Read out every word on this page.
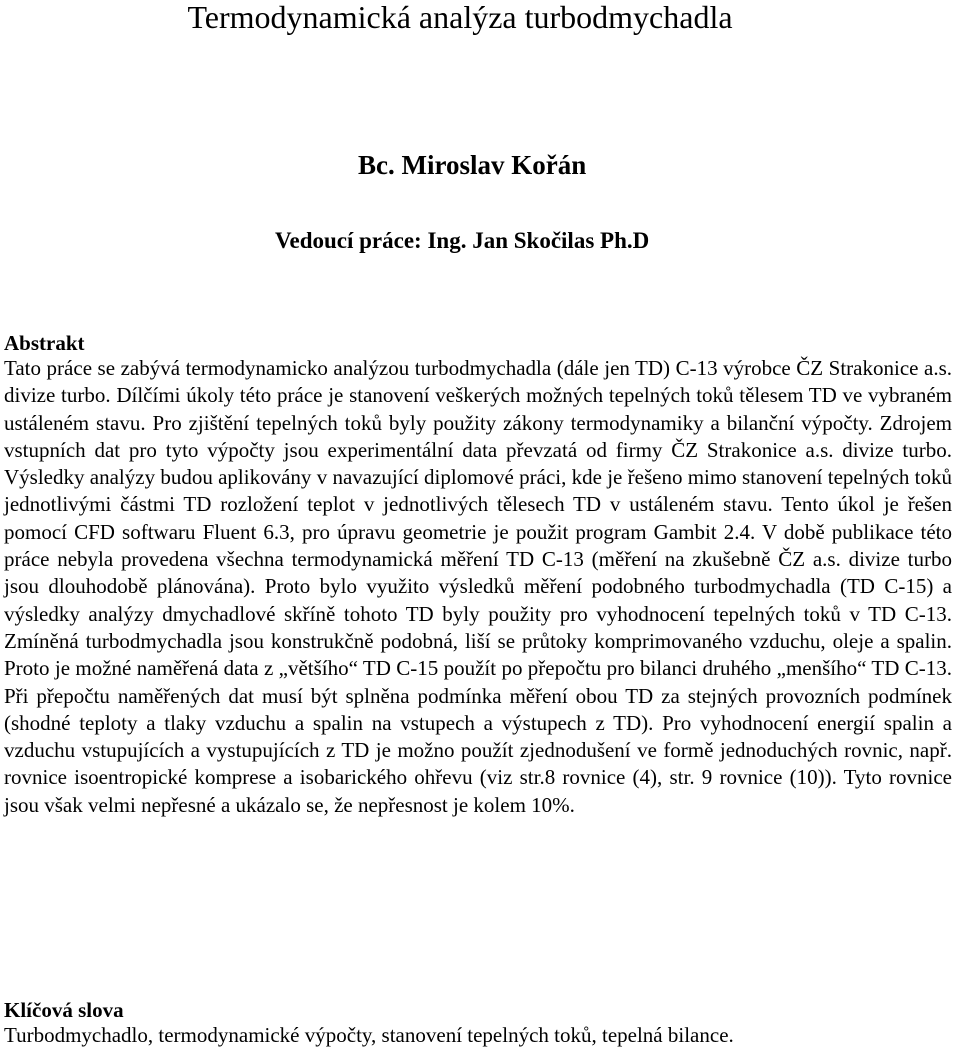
Termodynamická analýza turbodmychadla
Bc. Miroslav Kořán
Vedoucí práce: Ing. Jan Skočilas Ph.D
Abstrakt

Tato práce se zabývá termodynamicko analýzou turbodmychadla (dále jen TD) C-13 výrobce ČZ Strakonice a.s. divize turbo. Dílčími úkoly této práce je stanovení veškerých možných tepelných toků tělesem TD ve vybraném ustáleném stavu. Pro zjištění tepelných toků byly použity zákony termodynamiky a bilanční výpočty. Zdrojem vstupních dat pro tyto výpočty jsou experimentální data převzatá od firmy ČZ Strakonice a.s. divize turbo. Výsledky analýzy budou aplikovány v navazující diplomové práci, kde je řešeno mimo stanovení tepelných toků jednotlivými částmi TD rozložení teplot v jednotlivých tělesech TD v ustáleném stavu. Tento úkol je řešen pomocí CFD softwaru Fluent 6.3, pro úpravu geometrie je použit program Gambit 2.4. V době publikace této práce nebyla provedena všechna termodynamická měření TD C-13 (měření na zkušebně ČZ a.s. divize turbo jsou dlouhodobě plánována). Proto bylo využito výsledků měření podobného turbodmychadla (TD C-15) a výsledky analýzy dmychadlové skříně tohoto TD byly použity pro vyhodnocení tepelných toků v TD C-13. Zmíněná turbodmychadla jsou konstrukčně podobná, liší se průtoky komprimovaného vzduchu, oleje a spalin. Proto je možné naměřená data z „většího“ TD C-15 použít po přepočtu pro bilanci druhého „menšího“ TD C-13. Při přepočtu naměřených dat musí být splněna podmínka měření obou TD za stejných provozních podmínek (shodné teploty a tlaky vzduchu a spalin na vstupech a výstupech z TD). Pro vyhodnocení energií spalin a vzduchu vstupujících a vystupujících z TD je možno použít zjednodušení ve formě jednoduchých rovnic, např. rovnice isoentropické komprese a isobarického ohřevu (viz str.8 rovnice (4), str. 9 rovnice (10)). Tyto rovnice jsou však velmi nepřesné a ukázalo se, že nepřesnost je kolem 10%.

Klíčová slova

Turbodmychadlo, termodynamické výpočty, stanovení tepelných toků, tepelná bilance.
